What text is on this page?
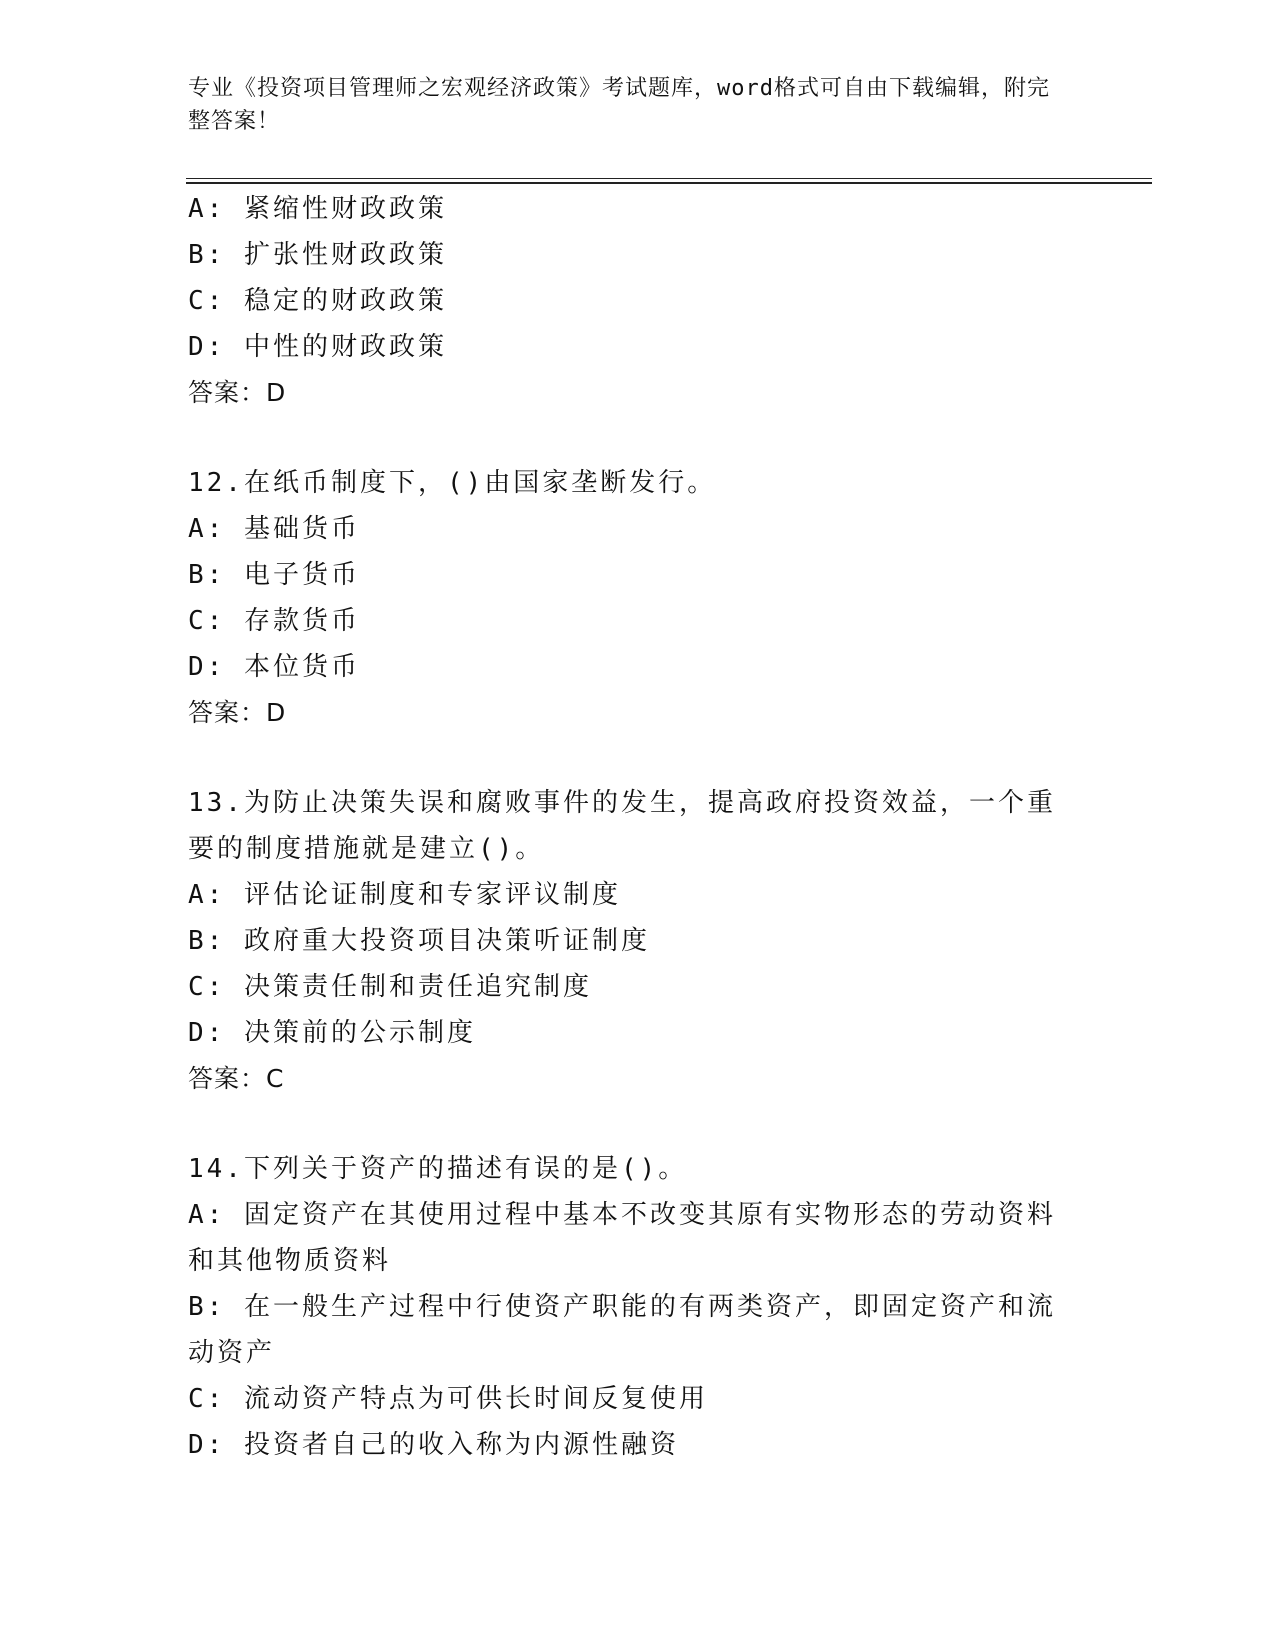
专业《投资项目管理师之宏观经济政策》考试题库，word格式可自由下载编辑，附完整答案！
A: 紧缩性财政政策
B: 扩张性财政政策
C: 稳定的财政政策
D: 中性的财政政策
答案：D
12.在纸币制度下，()由国家垄断发行。
A: 基础货币
B: 电子货币
C: 存款货币
D: 本位货币
答案：D
13.为防止决策失误和腐败事件的发生，提高政府投资效益，一个重要的制度措施就是建立()。
A: 评估论证制度和专家评议制度
B: 政府重大投资项目决策听证制度
C: 决策责任制和责任追究制度
D: 决策前的公示制度
答案：C
14.下列关于资产的描述有误的是()。
A: 固定资产在其使用过程中基本不改变其原有实物形态的劳动资料和其他物质资料
B: 在一般生产过程中行使资产职能的有两类资产，即固定资产和流动资产
C: 流动资产特点为可供长时间反复使用
D: 投资者自己的收入称为内源性融资
